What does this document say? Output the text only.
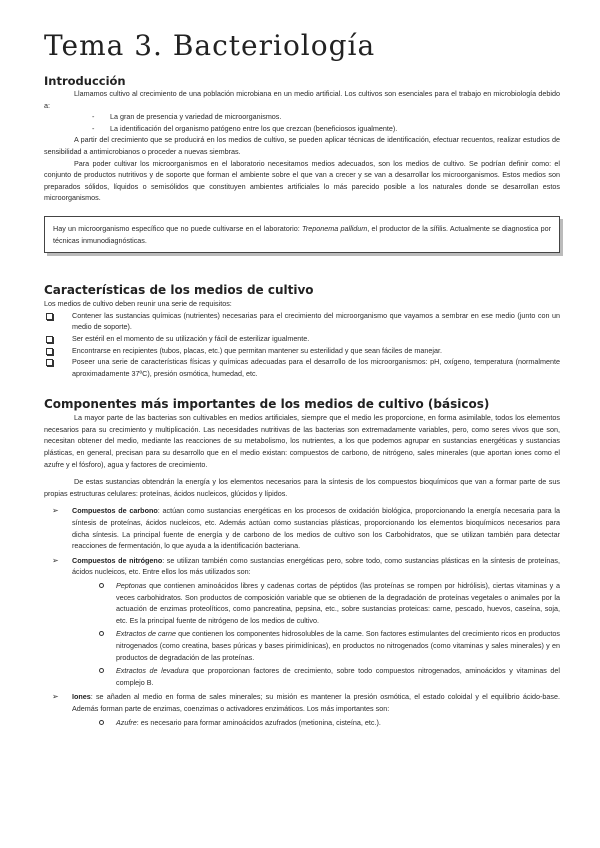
Tema 3. Bacteriología
Introducción

Llamamos cultivo al crecimiento de una población microbiana en un medio artificial. Los cultivos son esenciales para el trabajo en microbiología debido a:

- La gran de presencia y variedad de microorganismos.
- La identificación del organismo patógeno entre los que crezcan (beneficiosos igualmente).

A partir del crecimiento que se producirá en los medios de cultivo, se pueden aplicar técnicas de identificación, efectuar recuentos, realizar estudios de sensibilidad a antimicrobianos o proceder a nuevas siembras.

Para poder cultivar los microorganismos en el laboratorio necesitamos medios adecuados, son los medios de cultivo. Se podrían definir como: el conjunto de productos nutritivos y de soporte que forman el ambiente sobre el que van a crecer y se van a desarrollar los microorganismos. Estos medios son preparados sólidos, líquidos o semisólidos que constituyen ambientes artificiales lo más parecido posible a los naturales donde se desarrollan estos microorganismos.

Hay un microorganismo específico que no puede cultivarse en el laboratorio: Treponema pallidum, el productor de la sífilis. Actualmente se diagnostica por técnicas inmunodiagnósticas.

Características de los medios de cultivo

Los medios de cultivo deben reunir una serie de requisitos:

Contener las sustancias químicas (nutrientes) necesarias para el crecimiento del microorganismo que vayamos a sembrar en ese medio (junto con un medio de soporte).
Ser estéril en el momento de su utilización y fácil de esterilizar igualmente.
Encontrarse en recipientes (tubos, placas, etc.) que permitan mantener su esterilidad y que sean fáciles de manejar.
Poseer una serie de características físicas y químicas adecuadas para el desarrollo de los microorganismos: pH, oxígeno, temperatura (normalmente aproximadamente 37ºC), presión osmótica, humedad, etc.
Componentes más importantes de los medios de cultivo (básicos)

La mayor parte de las bacterias son cultivables en medios artificiales, siempre que el medio les proporcione, en forma asimilable, todos los elementos necesarios para su crecimiento y multiplicación. Las necesidades nutritivas de las bacterias son extremadamente variables, pero, como seres vivos que son, necesitan obtener del medio, mediante las reacciones de su metabolismo, los nutrientes, a los que podemos agrupar en sustancias energéticas y sustancias plásticas, en general, precisan para su desarrollo que en el medio existan: compuestos de carbono, de nitrógeno, sales minerales (que aportan iones como el azufre y el fósforo), agua y factores de crecimiento.

De estas sustancias obtendrán la energía y los elementos necesarios para la síntesis de los compuestos bioquímicos que van a formar parte de sus propias estructuras celulares: proteínas, ácidos nucleicos, glúcidos y lípidos.

➢ Compuestos de carbono: actúan como sustancias energéticas en los procesos de oxidación biológica, proporcionando la energía necesaria para la síntesis de proteínas, ácidos nucleicos, etc. Además actúan como sustancias plásticas, proporcionando los elementos bioquímicos necesarios para dicha síntesis. La principal fuente de energía y de carbono de los medios de cultivo son los Carbohidratos, que se utilizan también para detectar reacciones de fermentación, lo que ayuda a la identificación bacteriana.
➢ Compuestos de nitrógeno: se utilizan también como sustancias energéticas pero, sobre todo, como sustancias plásticas en la síntesis de proteínas, ácidos nucleicos, etc. Entre ellos los más utilizados son:
Peptonas que contienen aminoácidos libres y cadenas cortas de péptidos (las proteínas se rompen por hidrólisis), ciertas vitaminas y a veces carbohidratos. Son productos de composición variable que se obtienen de la degradación de proteínas vegetales o animales por la actuación de enzimas proteolíticos, como pancreatina, pepsina, etc., sobre sustancias proteicas: carne, pescado, huevos, caseína, soja, etc. Es la principal fuente de nitrógeno de los medios de cultivo.
Extractos de carne que contienen los componentes hidrosolubles de la carne. Son factores estimulantes del crecimiento ricos en productos nitrogenados (como creatina, bases púricas y bases pirimidínicas), en productos no nitrogenados (como vitaminas y sales minerales) y en productos de degradación de las proteínas.
Extractos de levadura que proporcionan factores de crecimiento, sobre todo compuestos nitrogenados, aminoácidos y vitaminas del complejo B.
➢ Iones: se añaden al medio en forma de sales minerales; su misión es mantener la presión osmótica, el estado coloidal y el equilibrio ácido-base. Además forman parte de enzimas, coenzimas o activadores enzimáticos. Los más importantes son:
Azufre: es necesario para formar aminoácidos azufrados (metionina, cisteína, etc.).
